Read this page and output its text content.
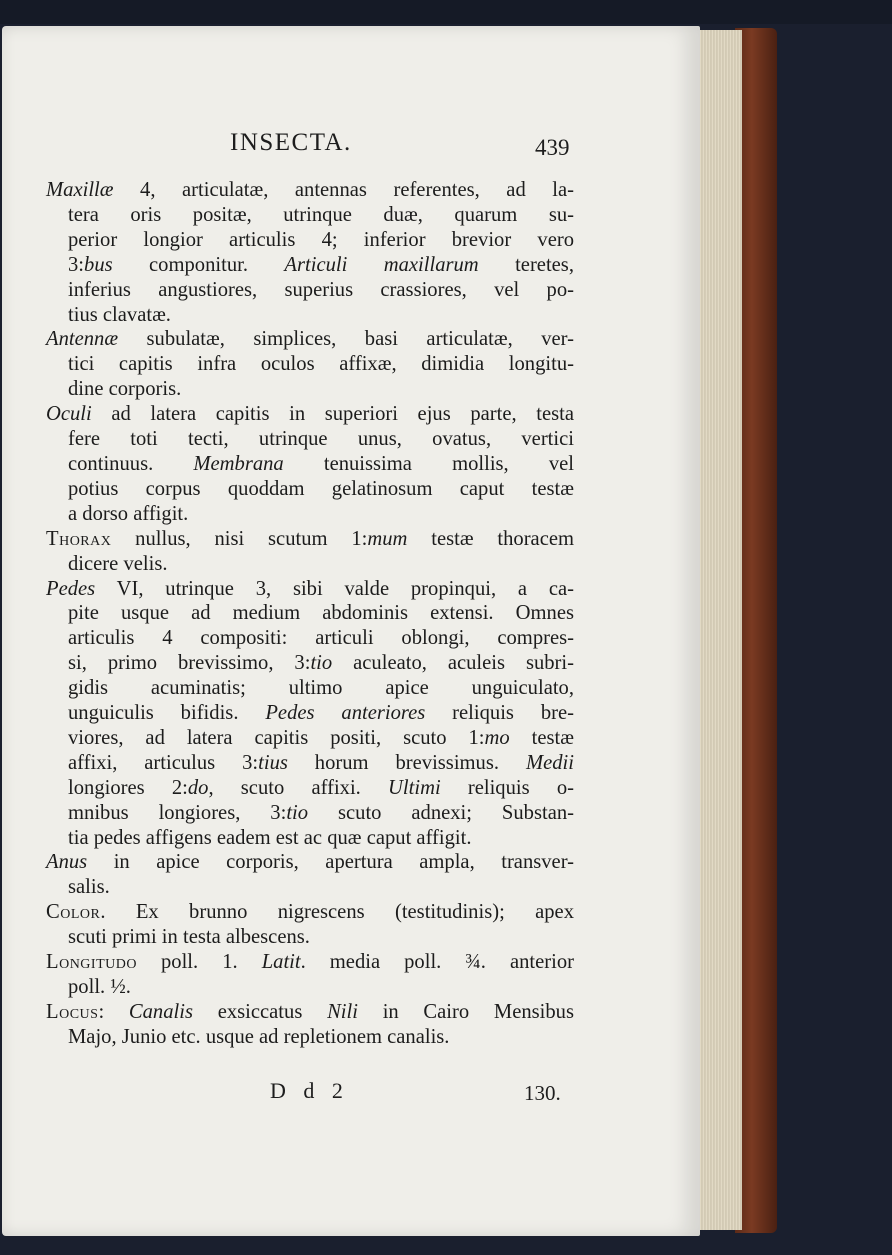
INSECTA.	439
Maxillæ 4, articulatæ, antennas referentes, ad la-
tera oris positæ, utrinque duæ, quarum su-
perior longior articulis 4; inferior brevior vero
3:bus componitur. Articuli maxillarum teretes,
inferius angustiores, superius crassiores, vel po-
tius clavatæ.
Antennæ subulatæ, simplices, basi articulatæ, ver-
tici capitis infra oculos affixæ, dimidia longitu-
dine corporis.
Oculi ad latera capitis in superiori ejus parte, testa
fere toti tecti, utrinque unus, ovatus, vertici
continuus. Membrana tenuissima mollis, vel
potius corpus quoddam gelatinosum caput testæ
a dorso affigit.
Thorax nullus, nisi scutum 1:mum testæ thoracem
dicere velis.
Pedes VI, utrinque 3, sibi valde propinqui, a ca-
pite usque ad medium abdominis extensi. Omnes
articulis 4 compositi: articuli oblongi, compres-
si, primo brevissimo, 3:tio aculeato, aculeis subri-
gidis acuminatis; ultimo apice unguiculato,
unguiculis bifidis. Pedes anteriores reliquis bre-
viores, ad latera capitis positi, scuto 1:mo testæ
affixi, articulus 3:tius horum brevissimus. Medii
longiores 2:do, scuto affixi. Ultimi reliquis o-
mnibus longiores, 3:tio scuto adnexi; Substan-
tia pedes affigens eadem est ac quæ caput affigit.
Anus in apice corporis, apertura ampla, transver-
salis.
Color. Ex brunno nigrescens (testitudinis); apex
scuti primi in testa albescens.
Longitudo poll. 1. Latit. media poll. ¾. anterior
poll. ½.
Locus: Canalis exsiccatus Nili in Cairo Mensibus
Majo, Junio etc. usque ad repletionem canalis.
D d 2	130.
